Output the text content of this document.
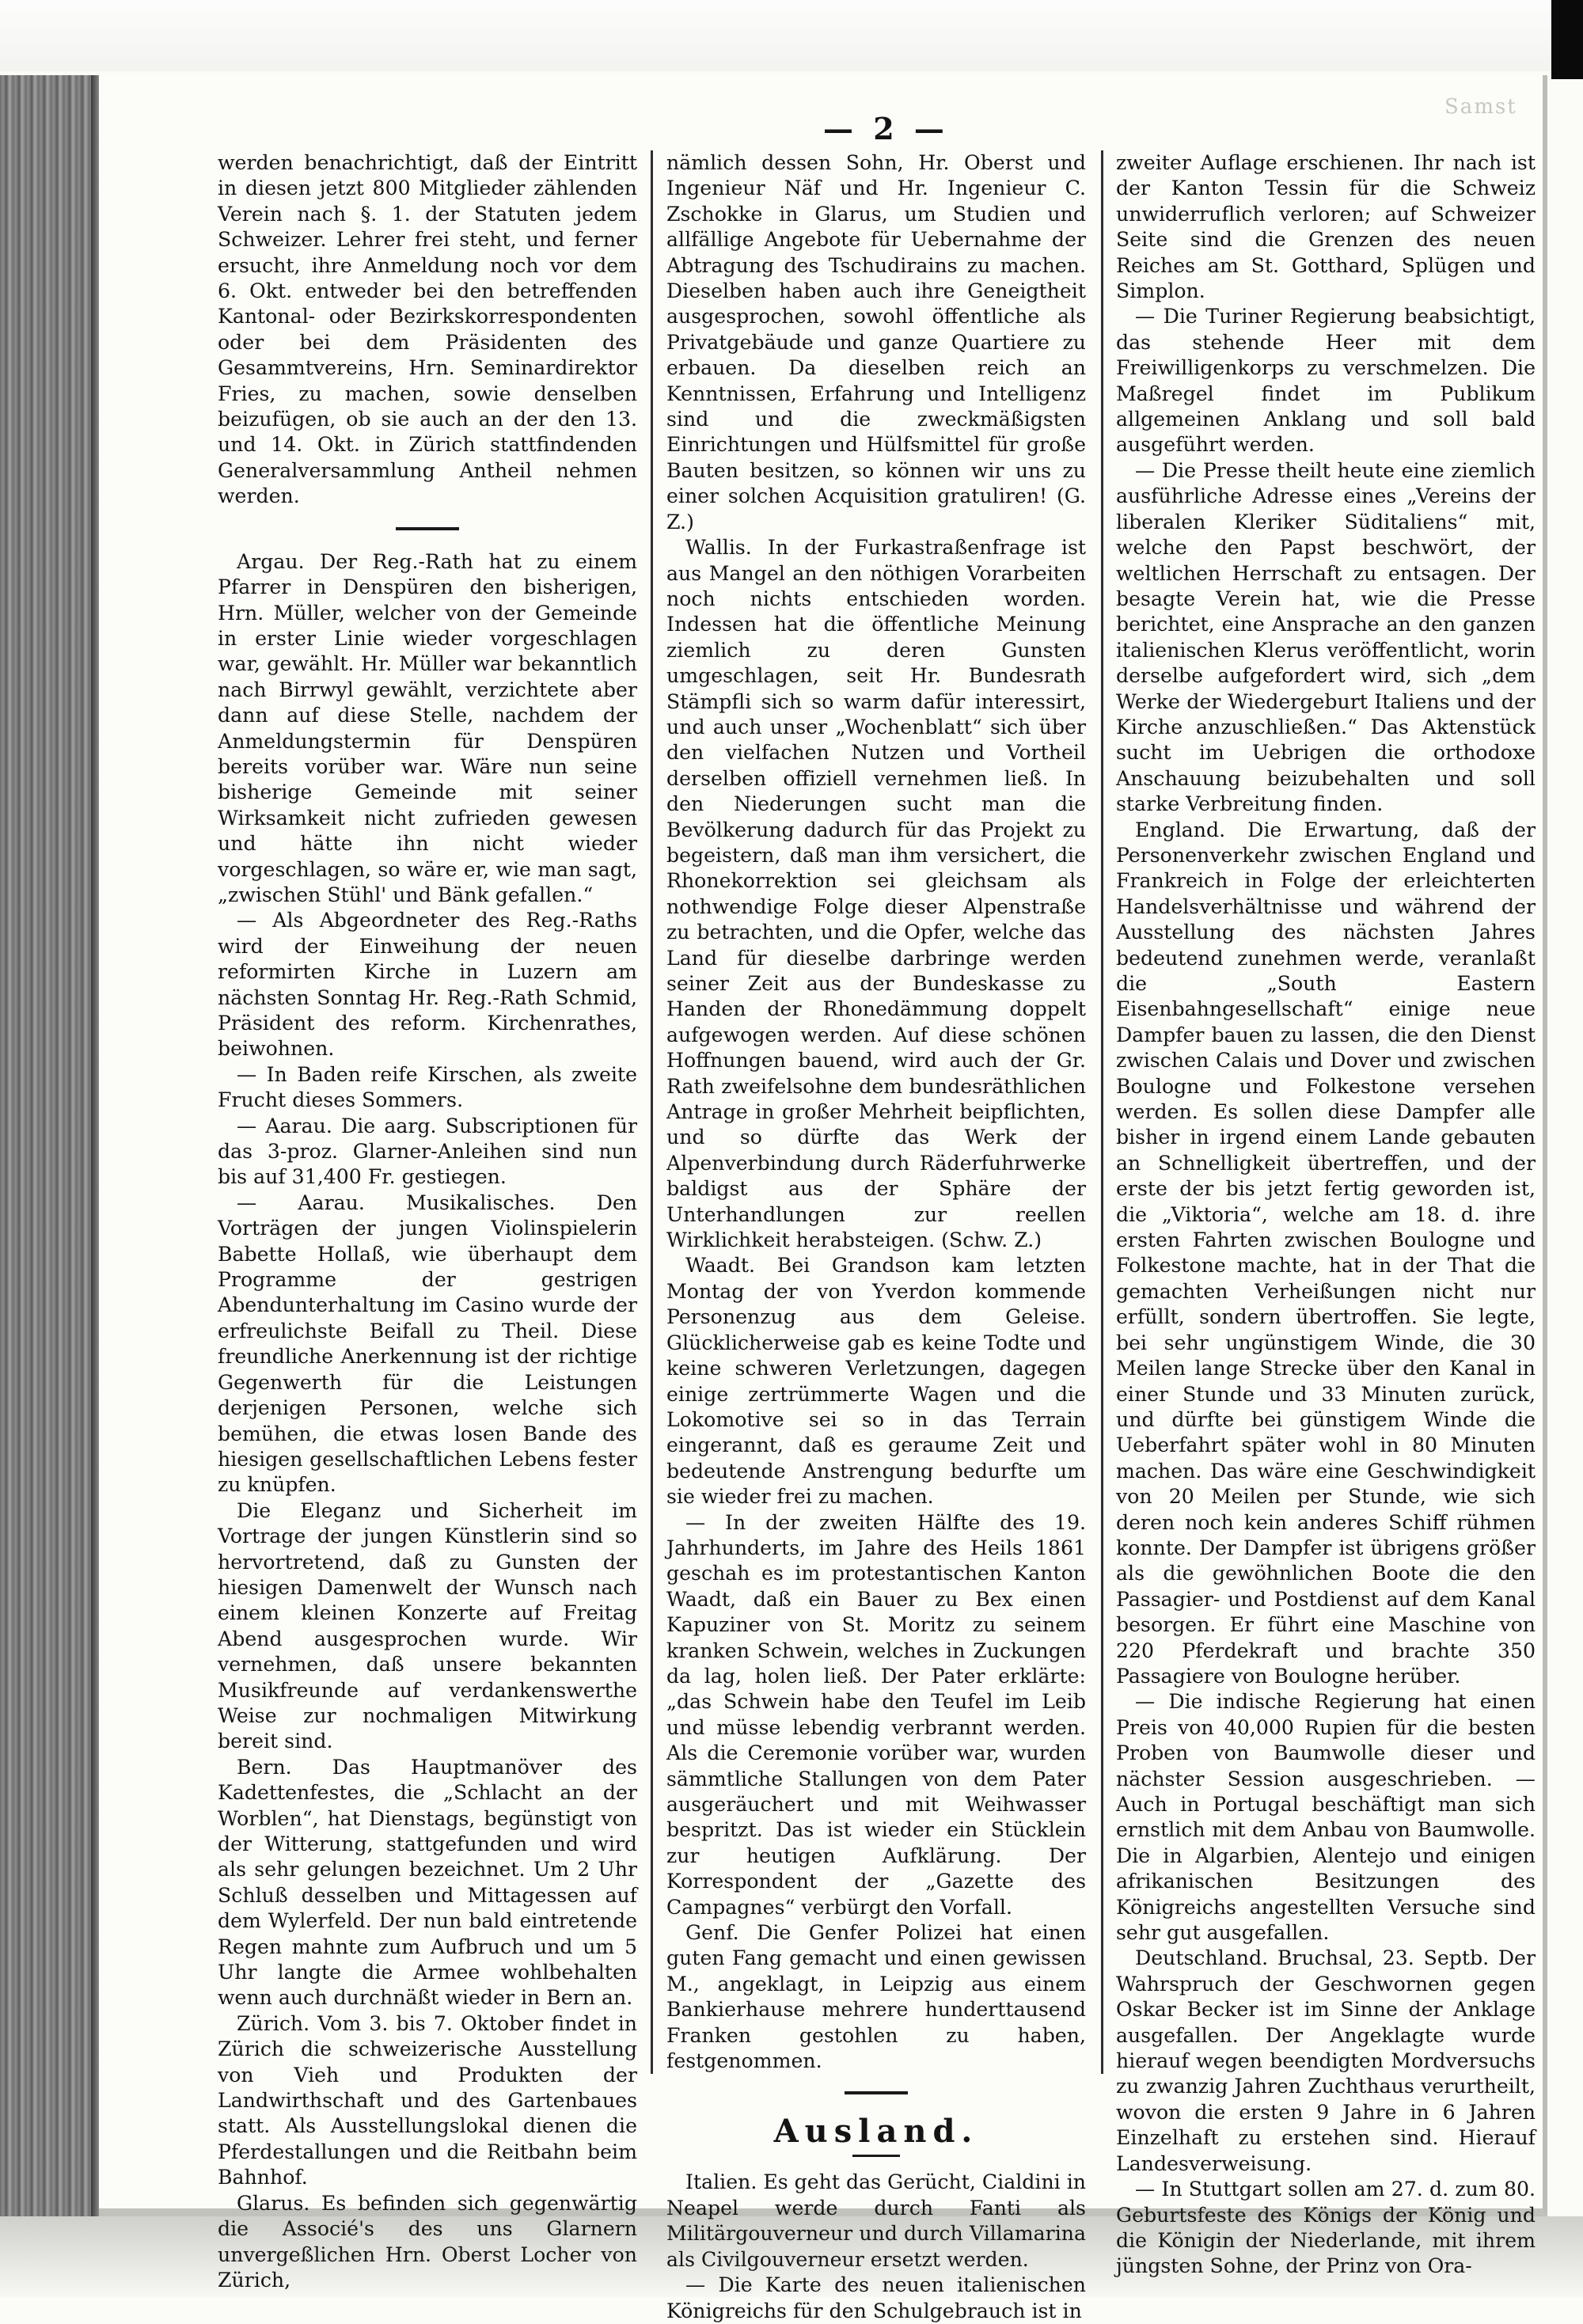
Samst
— 2 —

werden benachrichtigt, daß der Eintritt in diesen jetzt 800 Mitglieder zählenden Verein nach §. 1. der Statuten jedem Schweizer. Lehrer frei steht, und ferner ersucht, ihre Anmeldung noch vor dem 6. Okt. entweder bei den betreffenden Kantonal- oder Bezirkskorrespondenten oder bei dem Präsidenten des Gesammtvereins, Hrn. Seminardirektor Fries, zu machen, sowie denselben beizufügen, ob sie auch an der den 13. und 14. Okt. in Zürich stattfindenden Generalversammlung Antheil nehmen werden.

Argau. Der Reg.-Rath hat zu einem Pfarrer in Denspüren den bisherigen, Hrn. Müller, welcher von der Gemeinde in erster Linie wieder vorgeschlagen war, gewählt. Hr. Müller war bekanntlich nach Birrwyl gewählt, verzichtete aber dann auf diese Stelle, nachdem der Anmeldungstermin für Denspüren bereits vorüber war. Wäre nun seine bisherige Gemeinde mit seiner Wirksamkeit nicht zufrieden gewesen und hätte ihn nicht wieder vorgeschlagen, so wäre er, wie man sagt, „zwischen Stühl' und Bänk gefallen.“

— Als Abgeordneter des Reg.-Raths wird der Einweihung der neuen reformirten Kirche in Luzern am nächsten Sonntag Hr. Reg.-Rath Schmid, Präsident des reform. Kirchenrathes, beiwohnen.

— In Baden reife Kirschen, als zweite Frucht dieses Sommers.

— Aarau. Die aarg. Subscriptionen für das 3-proz. Glarner-Anleihen sind nun bis auf 31,400 Fr. gestiegen.

— Aarau. Musikalisches. Den Vorträgen der jungen Violinspielerin Babette Hollaß, wie überhaupt dem Programme der gestrigen Abendunterhaltung im Casino wurde der erfreulichste Beifall zu Theil. Diese freundliche Anerkennung ist der richtige Gegenwerth für die Leistungen derjenigen Personen, welche sich bemühen, die etwas losen Bande des hiesigen gesellschaftlichen Lebens fester zu knüpfen.

Die Eleganz und Sicherheit im Vortrage der jungen Künstlerin sind so hervortretend, daß zu Gunsten der hiesigen Damenwelt der Wunsch nach einem kleinen Konzerte auf Freitag Abend ausgesprochen wurde. Wir vernehmen, daß unsere bekannten Musikfreunde auf verdankenswerthe Weise zur nochmaligen Mitwirkung bereit sind.

Bern. Das Hauptmanöver des Kadettenfestes, die „Schlacht an der Worblen“, hat Dienstags, begünstigt von der Witterung, stattgefunden und wird als sehr gelungen bezeichnet. Um 2 Uhr Schluß desselben und Mittagessen auf dem Wylerfeld. Der nun bald eintretende Regen mahnte zum Aufbruch und um 5 Uhr langte die Armee wohlbehalten wenn auch durchnäßt wieder in Bern an.

Zürich. Vom 3. bis 7. Oktober findet in Zürich die schweizerische Ausstellung von Vieh und Produkten der Landwirthschaft und des Gartenbaues statt. Als Ausstellungslokal dienen die Pferdestallungen und die Reitbahn beim Bahnhof.

Glarus. Es befinden sich gegenwärtig die Associé's des uns Glarnern unvergeßlichen Hrn. Oberst Locher von Zürich,

nämlich dessen Sohn, Hr. Oberst und Ingenieur Näf und Hr. Ingenieur C. Zschokke in Glarus, um Studien und allfällige Angebote für Uebernahme der Abtragung des Tschudirains zu machen. Dieselben haben auch ihre Geneigtheit ausgesprochen, sowohl öffentliche als Privatgebäude und ganze Quartiere zu erbauen. Da dieselben reich an Kenntnissen, Erfahrung und Intelligenz sind und die zweckmäßigsten Einrichtungen und Hülfsmittel für große Bauten besitzen, so können wir uns zu einer solchen Acquisition gratuliren! (G. Z.)

Wallis. In der Furkastraßenfrage ist aus Mangel an den nöthigen Vorarbeiten noch nichts entschieden worden. Indessen hat die öffentliche Meinung ziemlich zu deren Gunsten umgeschlagen, seit Hr. Bundesrath Stämpfli sich so warm dafür interessirt, und auch unser „Wochenblatt“ sich über den vielfachen Nutzen und Vortheil derselben offiziell vernehmen ließ. In den Niederungen sucht man die Bevölkerung dadurch für das Projekt zu begeistern, daß man ihm versichert, die Rhonekorrektion sei gleichsam als nothwendige Folge dieser Alpenstraße zu betrachten, und die Opfer, welche das Land für dieselbe darbringe werden seiner Zeit aus der Bundeskasse zu Handen der Rhonedämmung doppelt aufgewogen werden. Auf diese schönen Hoffnungen bauend, wird auch der Gr. Rath zweifelsohne dem bundesräthlichen Antrage in großer Mehrheit beipflichten, und so dürfte das Werk der Alpenverbindung durch Räderfuhrwerke baldigst aus der Sphäre der Unterhandlungen zur reellen Wirklichkeit herabsteigen. (Schw. Z.)

Waadt. Bei Grandson kam letzten Montag der von Yverdon kommende Personenzug aus dem Geleise. Glücklicherweise gab es keine Todte und keine schweren Verletzungen, dagegen einige zertrümmerte Wagen und die Lokomotive sei so in das Terrain eingerannt, daß es geraume Zeit und bedeutende Anstrengung bedurfte um sie wieder frei zu machen.

— In der zweiten Hälfte des 19. Jahrhunderts, im Jahre des Heils 1861 geschah es im protestantischen Kanton Waadt, daß ein Bauer zu Bex einen Kapuziner von St. Moritz zu seinem kranken Schwein, welches in Zuckungen da lag, holen ließ. Der Pater erklärte: „das Schwein habe den Teufel im Leib und müsse lebendig verbrannt werden. Als die Ceremonie vorüber war, wurden sämmtliche Stallungen von dem Pater ausgeräuchert und mit Weihwasser bespritzt. Das ist wieder ein Stücklein zur heutigen Aufklärung. Der Korrespondent der „Gazette des Campagnes“ verbürgt den Vorfall.

Genf. Die Genfer Polizei hat einen guten Fang gemacht und einen gewissen M., angeklagt, in Leipzig aus einem Bankierhause mehrere hunderttausend Franken gestohlen zu haben, festgenommen.

Ausland.

Italien. Es geht das Gerücht, Cialdini in Neapel werde durch Fanti als Militärgouverneur und durch Villamarina als Civilgouverneur ersetzt werden.

— Die Karte des neuen italienischen Königreichs für den Schulgebrauch ist in

zweiter Auflage erschienen. Ihr nach ist der Kanton Tessin für die Schweiz unwiderruflich verloren; auf Schweizer Seite sind die Grenzen des neuen Reiches am St. Gotthard, Splügen und Simplon.

— Die Turiner Regierung beabsichtigt, das stehende Heer mit dem Freiwilligenkorps zu verschmelzen. Die Maßregel findet im Publikum allgemeinen Anklang und soll bald ausgeführt werden.

— Die Presse theilt heute eine ziemlich ausführliche Adresse eines „Vereins der liberalen Kleriker Süditaliens“ mit, welche den Papst beschwört, der weltlichen Herrschaft zu entsagen. Der besagte Verein hat, wie die Presse berichtet, eine Ansprache an den ganzen italienischen Klerus veröffentlicht, worin derselbe aufgefordert wird, sich „dem Werke der Wiedergeburt Italiens und der Kirche anzuschließen.“ Das Aktenstück sucht im Uebrigen die orthodoxe Anschauung beizubehalten und soll starke Verbreitung finden.

England. Die Erwartung, daß der Personenverkehr zwischen England und Frankreich in Folge der erleichterten Handelsverhältnisse und während der Ausstellung des nächsten Jahres bedeutend zunehmen werde, veranlaßt die „South Eastern Eisenbahngesellschaft“ einige neue Dampfer bauen zu lassen, die den Dienst zwischen Calais und Dover und zwischen Boulogne und Folkestone versehen werden. Es sollen diese Dampfer alle bisher in irgend einem Lande gebauten an Schnelligkeit übertreffen, und der erste der bis jetzt fertig geworden ist, die „Viktoria“, welche am 18. d. ihre ersten Fahrten zwischen Boulogne und Folkestone machte, hat in der That die gemachten Verheißungen nicht nur erfüllt, sondern übertroffen. Sie legte, bei sehr ungünstigem Winde, die 30 Meilen lange Strecke über den Kanal in einer Stunde und 33 Minuten zurück, und dürfte bei günstigem Winde die Ueberfahrt später wohl in 80 Minuten machen. Das wäre eine Geschwindigkeit von 20 Meilen per Stunde, wie sich deren noch kein anderes Schiff rühmen konnte. Der Dampfer ist übrigens größer als die gewöhnlichen Boote die den Passagier- und Postdienst auf dem Kanal besorgen. Er führt eine Maschine von 220 Pferdekraft und brachte 350 Passagiere von Boulogne herüber.

— Die indische Regierung hat einen Preis von 40,000 Rupien für die besten Proben von Baumwolle dieser und nächster Session ausgeschrieben. — Auch in Portugal beschäftigt man sich ernstlich mit dem Anbau von Baumwolle. Die in Algarbien, Alentejo und einigen afrikanischen Besitzungen des Königreichs angestellten Versuche sind sehr gut ausgefallen.

Deutschland. Bruchsal, 23. Septb. Der Wahrspruch der Geschwornen gegen Oskar Becker ist im Sinne der Anklage ausgefallen. Der Angeklagte wurde hierauf wegen beendigten Mordversuchs zu zwanzig Jahren Zuchthaus verurtheilt, wovon die ersten 9 Jahre in 6 Jahren Einzelhaft zu erstehen sind. Hierauf Landesverweisung.

— In Stuttgart sollen am 27. d. zum 80. Geburtsfeste des Königs der König und die Königin der Niederlande, mit ihrem jüngsten Sohne, der Prinz von Ora-
